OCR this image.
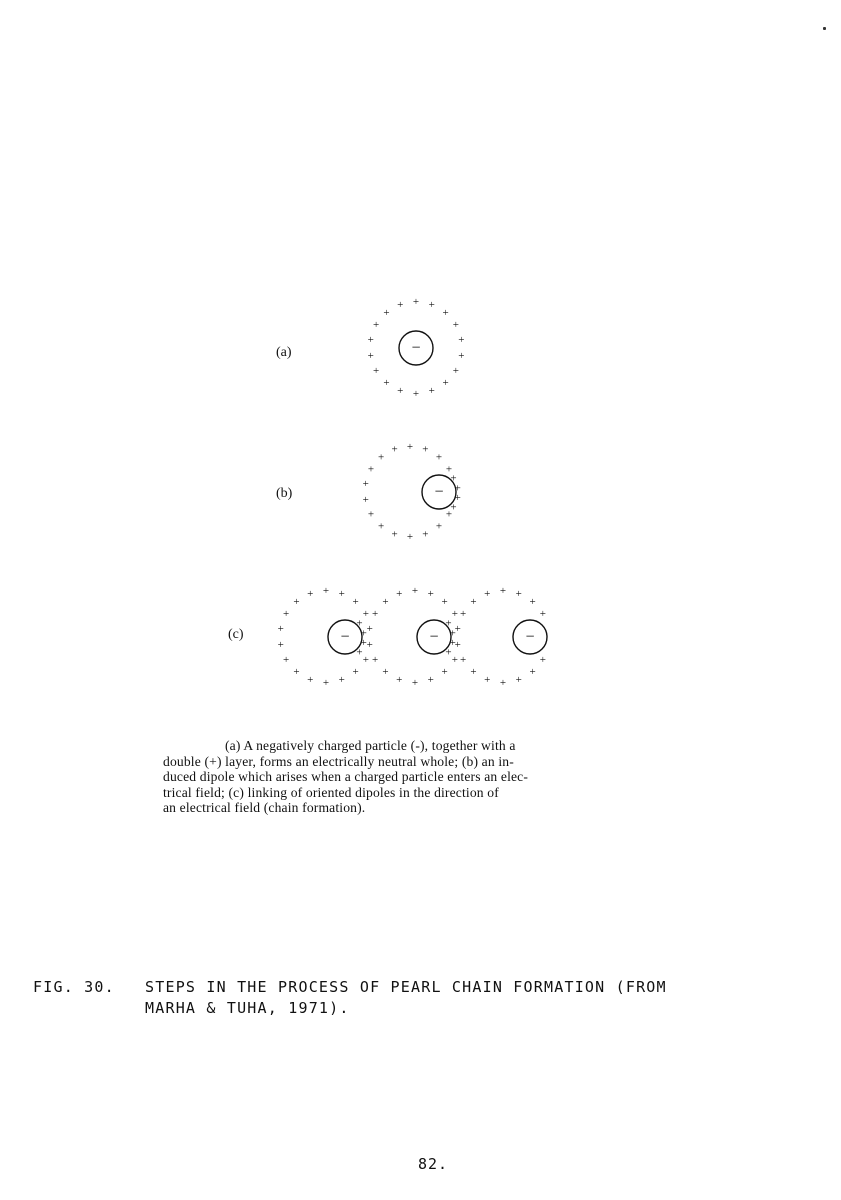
(a)
(b)
(c)
+ +
+
+
+
+
+
+
+
+
+
+
+
+
+
+
+
+
−
+ +
+
+
+
+
+
+
+
+
+
+
+
+
+
+
−
+
+
+
+
+ +
+
+
+
+
+
+
+
+
+
+
+
+
+
+
−
+
+
+
+
+ +
+
+
+
+
+
+
+
+
+
+
+
+
+
+
−
+
+
+
+
+ +
+
+
+
+
+
+
+
+
+
+
+
+
+
+
−
(a) A negatively charged particle (-), together with a
double (+) layer, forms an electrically neutral whole; (b) an in-
duced dipole which arises when a charged particle enters an elec-
trical field; (c) linking of oriented dipoles in the direction of
an electrical field (chain formation).
FIG. 30. STEPS IN THE PROCESS OF PEARL CHAIN FORMATION (FROM
MARHA & TUHA, 1971).
82.
